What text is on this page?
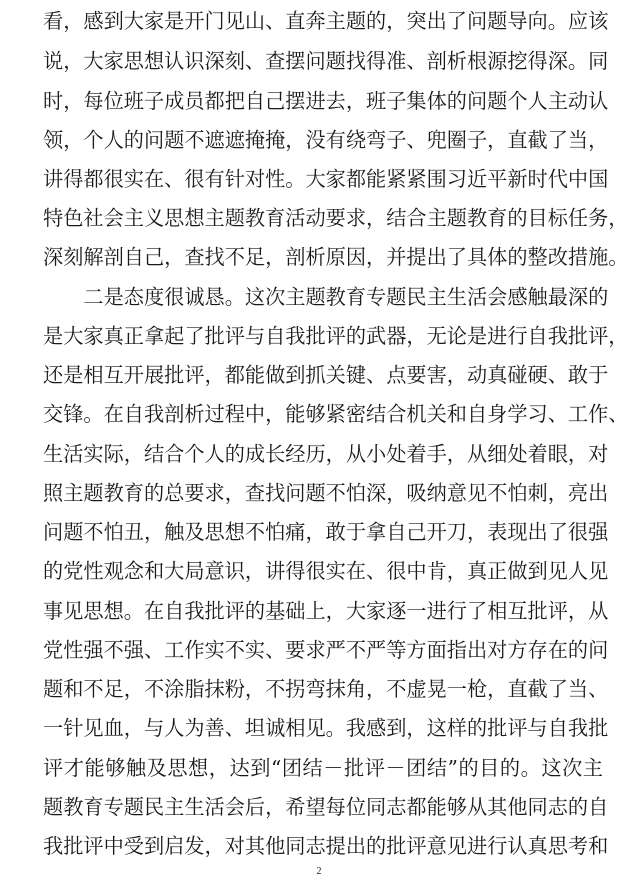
看，感到大家是开门见山、直奔主题的，突出了问题导向。应该
说，大家思想认识深刻、查摆问题找得准、剖析根源挖得深。同
时，每位班子成员都把自己摆进去，班子集体的问题个人主动认
领，个人的问题不遮遮掩掩，没有绕弯子、兜圈子，直截了当，
讲得都很实在、很有针对性。大家都能紧紧围习近平新时代中国
特色社会主义思想主题教育活动要求，结合主题教育的目标任务，
深刻解剖自己，查找不足，剖析原因，并提出了具体的整改措施。
　　二是态度很诚恳。这次主题教育专题民主生活会感触最深的
是大家真正拿起了批评与自我批评的武器，无论是进行自我批评，
还是相互开展批评，都能做到抓关键、点要害，动真碰硬、敢于
交锋。在自我剖析过程中，能够紧密结合机关和自身学习、工作、
生活实际，结合个人的成长经历，从小处着手，从细处着眼，对
照主题教育的总要求，查找问题不怕深，吸纳意见不怕刺，亮出
问题不怕丑，触及思想不怕痛，敢于拿自己开刀，表现出了很强
的党性观念和大局意识，讲得很实在、很中肯，真正做到见人见
事见思想。在自我批评的基础上，大家逐一进行了相互批评，从
党性强不强、工作实不实、要求严不严等方面指出对方存在的问
题和不足，不涂脂抹粉，不拐弯抹角，不虚晃一枪，直截了当、
一针见血，与人为善、坦诚相见。我感到，这样的批评与自我批
评才能够触及思想，达到“团结－批评－团结”的目的。这次主
题教育专题民主生活会后，希望每位同志都能够从其他同志的自
我批评中受到启发，对其他同志提出的批评意见进行认真思考和
2
